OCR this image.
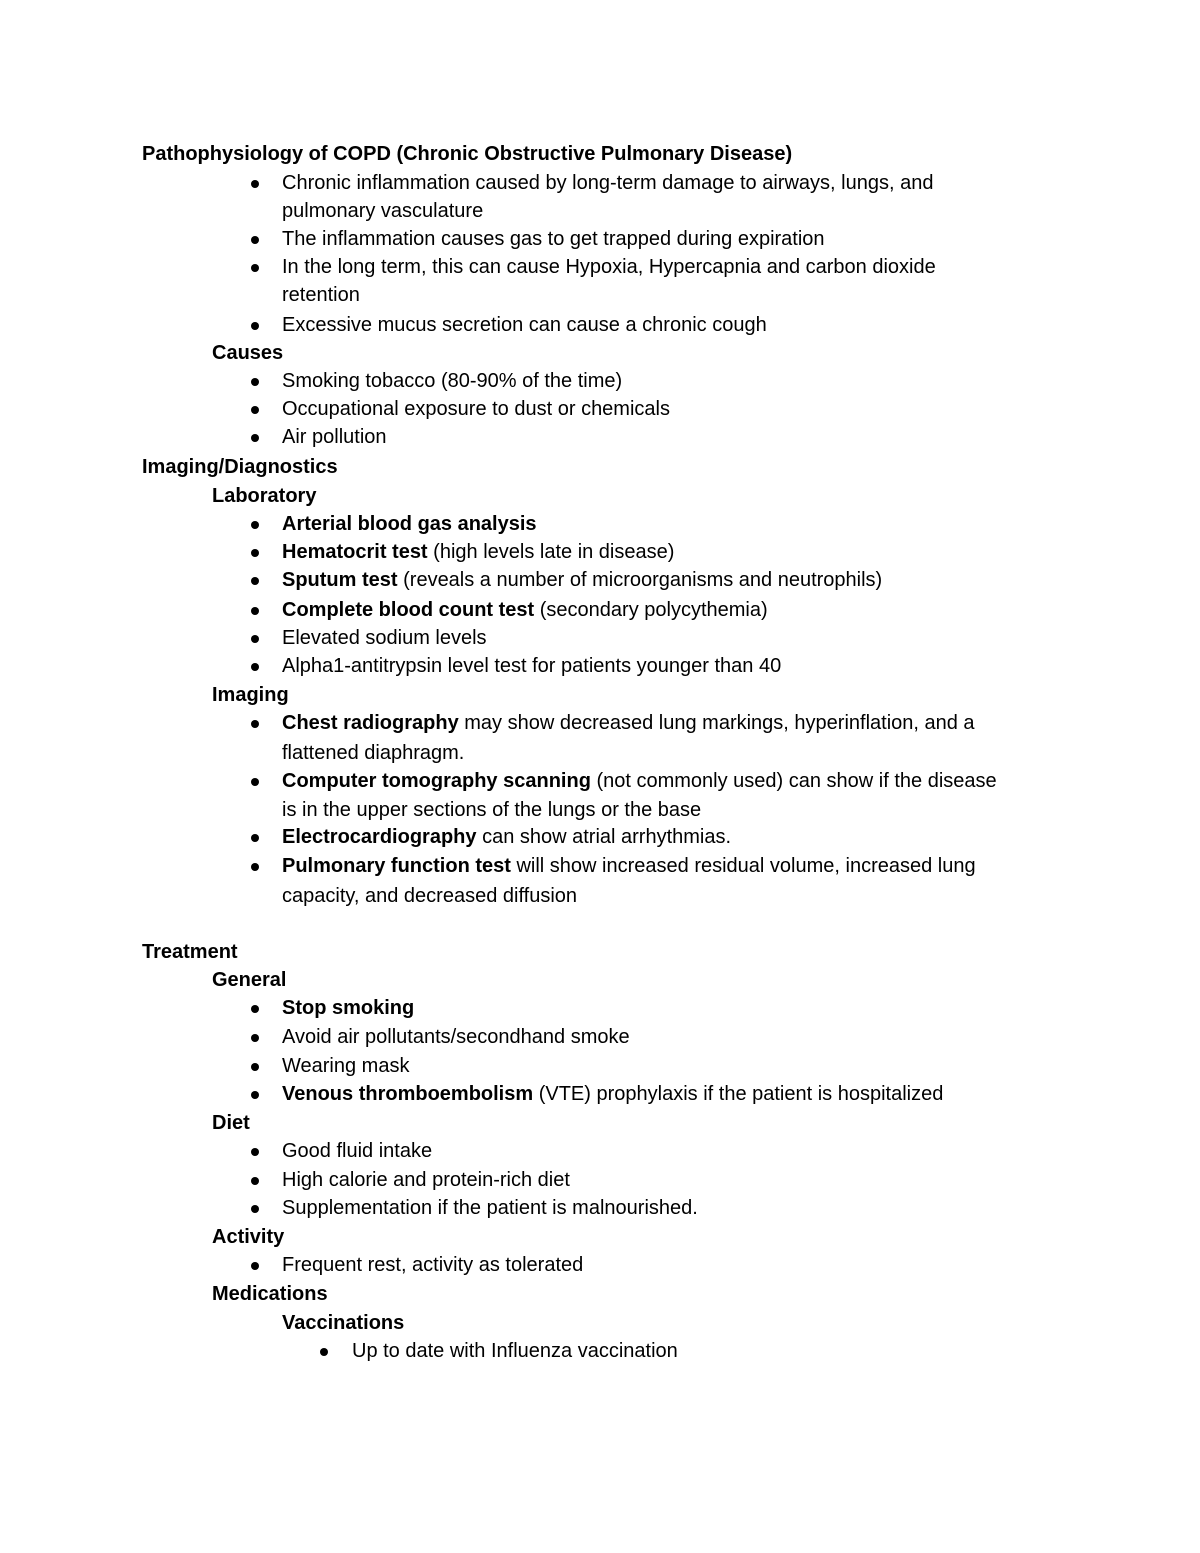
Pathophysiology of COPD (Chronic Obstructive Pulmonary Disease)
Chronic inflammation caused by long-term damage to airways, lungs, and
pulmonary vasculature
The inflammation causes gas to get trapped during expiration
In the long term, this can cause Hypoxia, Hypercapnia and carbon dioxide
retention
Excessive mucus secretion can cause a chronic cough
Causes
Smoking tobacco (80-90% of the time)
Occupational exposure to dust or chemicals
Air pollution
Imaging/Diagnostics
Laboratory
Arterial blood gas analysis
Hematocrit test (high levels late in disease)
Sputum test (reveals a number of microorganisms and neutrophils)
Complete blood count test (secondary polycythemia)
Elevated sodium levels
Alpha1-antitrypsin level test for patients younger than 40
Imaging
Chest radiography may show decreased lung markings, hyperinflation, and a
flattened diaphragm.
Computer tomography scanning (not commonly used) can show if the disease
is in the upper sections of the lungs or the base
Electrocardiography can show atrial arrhythmias.
Pulmonary function test will show increased residual volume, increased lung
capacity, and decreased diffusion
Treatment
General
Stop smoking
Avoid air pollutants/secondhand smoke
Wearing mask
Venous thromboembolism (VTE) prophylaxis if the patient is hospitalized
Diet
Good fluid intake
High calorie and protein-rich diet
Supplementation if the patient is malnourished.
Activity
Frequent rest, activity as tolerated
Medications
Vaccinations
Up to date with Influenza vaccination
